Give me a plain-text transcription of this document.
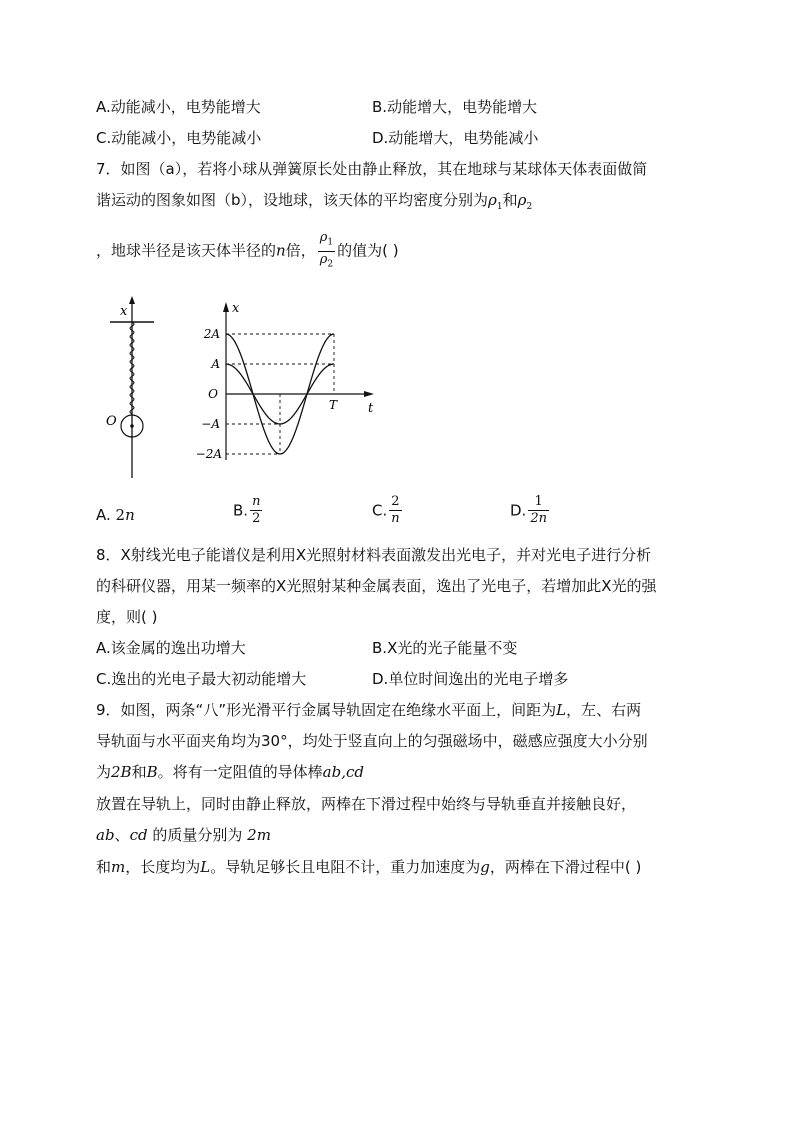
A.动能减小，电势能增大	B.动能增大，电势能增大
C.动能减小，电势能减小	D.动能增大，电势能减小
7．如图（a），若将小球从弹簧原长处由静止释放，其在地球与某球体天体表面做简
谐运动的图象如图（b），设地球，该天体的平均密度分别为$\rho_1$和$\rho_2$
，地球半径是该天体半径的n倍， $\frac{\rho_1}{\rho_2}$ 的值为( )
x
O
x
t
2A
A
O
−A
−2A
T
A. 2n	B. $\frac{n}{2}$	C. $\frac{2}{n}$	D. $\frac{1}{2n}$
8．X射线光电子能谱仪是利用X光照射材料表面激发出光电子，并对光电子进行分析
的科研仪器，用某一频率的X光照射某种金属表面，逸出了光电子，若增加此X光的强
度，则( )
A.该金属的逸出功增大	B.X光的光子能量不变
C.逸出的光电子最大初动能增大	D.单位时间逸出的光电子增多
9．如图，两条“八”形光滑平行金属导轨固定在绝缘水平面上，间距为L，左、右两
导轨面与水平面夹角均为30°，均处于竖直向上的匀强磁场中，磁感应强度大小分别
为2B和B。将有一定阻值的导体棒ab,cd
放置在导轨上，同时由静止释放，两棒在下滑过程中始终与导轨垂直并接触良好，
ab、cd 的质量分别为 2m
和m，长度均为L。导轨足够长且电阻不计，重力加速度为g，两棒在下滑过程中( )
